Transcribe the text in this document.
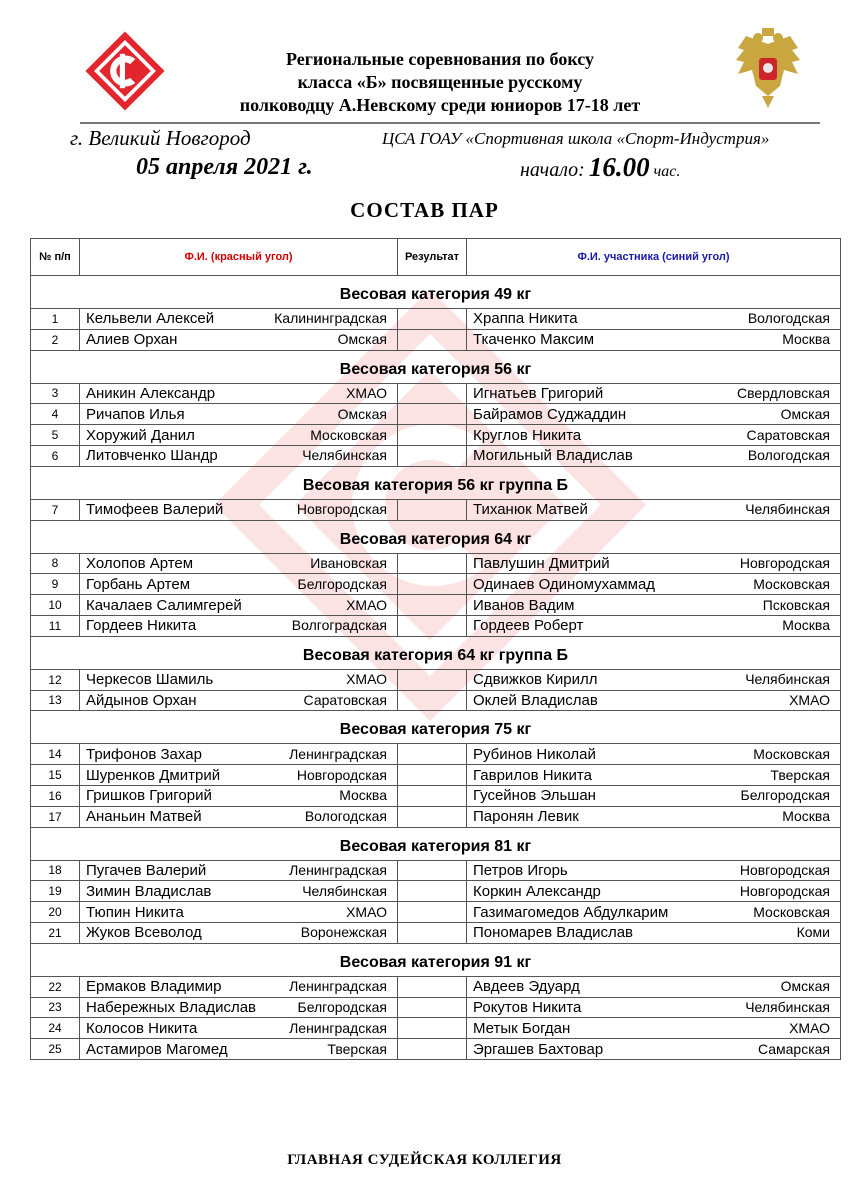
Региональные соревнования по боксу
класса «Б» посвященные русскому
полководцу А.Невскому среди юниоров 17-18 лет
г. Великий Новгород	ЦСА ГОАУ «Спортивная школа «Спорт-Индустрия»
05 апреля 2021 г.	начало: 16.00 час.
СОСТАВ ПАР
№ п/п	Ф.И. (красный угол)	Результат	Ф.И. участника (синий угол)
Весовая категория 49 кг			
1	Кельвели Алексей Калининградская		Храппа Никита Вологодская

2	Алиев Орхан Омская		Ткаченко Максим Москва

Весовая категория 56 кг			
3	Аникин Александр ХМАО		Игнатьев Григорий Свердловская

4	Ричапов Илья Омская		Байрамов Суджаддин Омская

5	Хоружий Данил Московская		Круглов Никита Саратовская

6	Литовченко Шандр Челябинская		Могильный Владислав Вологодская

Весовая категория 56 кг группа Б			
7	Тимофеев Валерий Новгородская		Тиханюк Матвей Челябинская

Весовая категория 64 кг			
8	Холопов Артем Ивановская		Павлушин Дмитрий Новгородская

9	Горбань Артем Белгородская		Одинаев Одиномухаммад Московская

10	Качалаев Салимгерей ХМАО		Иванов Вадим Псковская

11	Гордеев Никита Волгоградская		Гордеев Роберт Москва

Весовая категория 64 кг группа Б			
12	Черкесов Шамиль ХМАО		Сдвижков Кирилл Челябинская

13	Айдынов Орхан Саратовская		Оклей Владислав ХМАО

Весовая категория 75 кг			
14	Трифонов Захар Ленинградская		Рубинов Николай Московская

15	Шуренков Дмитрий Новгородская		Гаврилов Никита Тверская

16	Гришков Григорий Москва		Гусейнов Эльшан Белгородская

17	Ананьин Матвей Вологодская		Паронян Левик Москва

Весовая категория 81 кг			
18	Пугачев Валерий Ленинградская		Петров Игорь Новгородская

19	Зимин Владислав Челябинская		Коркин Александр Новгородская

20	Тюпин Никита ХМАО		Газимагомедов Абдулкарим Московская

21	Жуков Всеволод Воронежская		Пономарев Владислав Коми

Весовая категория 91 кг			
22	Ермаков Владимир Ленинградская		Авдеев Эдуард Омская

23	Набережных Владислав Белгородская		Рокутов Никита Челябинская

24	Колосов Никита Ленинградская		Метык Богдан ХМАО

25	Астамиров Магомед Тверская		Эргашев Бахтовар Самарская
ГЛАВНАЯ СУДЕЙСКАЯ КОЛЛЕГИЯ
